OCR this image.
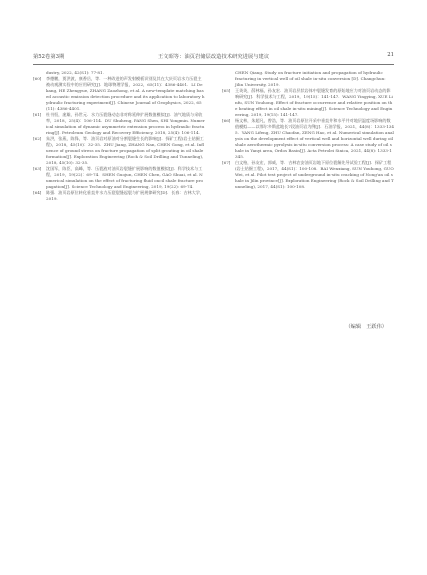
第52卷第3期	王文昭等：油页岩储层改造技术研究进展与建议	21
dustry, 2022, 42(S1): 77-81.
[60] 李德鹏，贾洪波，康香岳，等．一种改进的声发射模板识别及其在大庆页岩水力压裂主被动观测实验中的应用研究[J]．地球物理学报，2022，65(11)：4386-4401．LI Dekang, HE Zhengyue, ZHANG Zaozhong, et al. A new-template matching based acoustic emission detection procedure and its application to laboratory hydraulic fracturing experiment[J]. Chinese Journal of Geophysics, 2022, 65(11): 4386-4401.
[61] 杜书恒，庞雄，孙世元．水力压裂缝动态非对称延伸扩展数值模拟[J]．油气地质与采收率，2018，25(4)：106-114．DU Shuheng, PANG Shen, SHI Yongmin. Numerical simulation of dynamic asymmetric extension process in hydraulic fracturing[J]. Petroleum Geology and Recovery Efficiency, 2018, 25(4): 106-114.
[62] 朱洪，张燕，陈锋，等．油页岩对原油对分割裂缝生长的影响[J]．探矿工程(岩土钻掘工程)，2018，45(10)：32-35．ZHU Jiang, ZHANG Nan, CHEN Gong, et al. Influence of ground stress on fracture propagation of split grouting in oil shale formation[J]. Exploration Engineering (Rock & Soil Drilling and Tunneling), 2018, 45(10): 32-35.
[63] 沈国军，陈臣，高峰，等．压裂液对油页岩裂缝扩展影响的数值模拟[J]．科学技术与工程，2019，19(22)：69-74．SHEN Guojun, CHEN Chen, GAO Shuai, et al. Numerical simulation on the effect of fracturing fluid oncil shale fracture propagation[J]. Science Technology and Engineering, 2019, 19(22): 69-74.
[64] 陈强．油页岩原位转化垂直井水力压裂裂缝起裂与扩展规律研究[D]．长春：吉林大学，2019．
CHEN Qiang. Study on fracture initiation and propagation of hydraulic fracturing in vertical well of oil shale in-situ conversion [D]. Changchun: Jilin University, 2019.
[65] 王英英，薛林福，孙友宏．油页岩层状岩体中裂缝发育的原始地应力对油页岩动态的影响研究[J]．科学技术与工程，2019，19(15)：141-147．WANG Yingying, XUE Linfu, SUN Youhong. Effect of fracture occurrence and relative position on the heating effect in oil shale in-situ mining[J]. Science Technology and Engineering, 2019, 19(15): 141-147.
[66] 杨文林，朱超凡，曾浩，等．油页岩原位开采中垂直井和水平井对地层温度场影响的数值模拟——以鄂尔多斯盆地长7段油页岩为例[J]．石油学报，2021，44(8)：1333-1345．YANG Lifeng, ZHU Chaofan, ZENG Hao, et al. Numerical simulation analysis on the development effect of vertical well and horizontal well during oil shale aerothermic pyrolysis in-situ conversion process: A case study of oil shale in Yanyi area, Ordos Basin[J]. Acta Petrolei Sinica, 2021, 44(8): 1333-1345.
[67] 白文格，孙友宏，郭威，等．吉林农安油页岩地下原位裂解先导试验工程[J]．探矿工程(岩土钻掘工程)，2017，44(S1)：100-108．BAI Wenxiang, SUN Youhong, GUO Wei, et al. Pilot test project of underground in-situ cracking of Nong'an oil shale in Jilin province[J]. Exploration Engineering (Rock & Soil Drilling and Tunneling), 2017, 44(S1): 100-108.
（编辑　王跃伟）
